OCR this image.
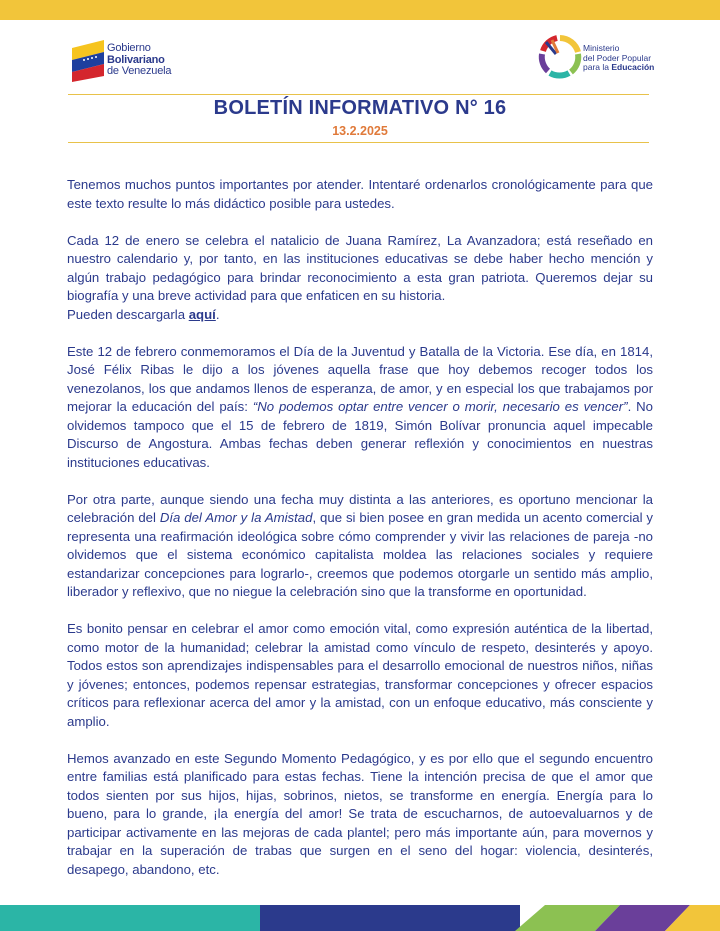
Gobierno
Bolivariano
de Venezuela
Ministerio
del Poder Popular
para la Educación
BOLETÍN INFORMATIVO N° 16
13.2.2025

Tenemos muchos puntos importantes por atender. Intentaré ordenarlos cronológicamente para que este texto resulte lo más didáctico posible para ustedes.

Cada 12 de enero se celebra el natalicio de Juana Ramírez, La Avanzadora; está reseñado en nuestro calendario y, por tanto, en las instituciones educativas se debe haber hecho mención y algún trabajo pedagógico para brindar reconocimiento a esta gran patriota. Queremos dejar su biografía y una breve actividad para que enfaticen en su historia.
Pueden descargarla aquí.

Este 12 de febrero conmemoramos el Día de la Juventud y Batalla de la Victoria. Ese día, en 1814, José Félix Ribas le dijo a los jóvenes aquella frase que hoy debemos recoger todos los venezolanos, los que andamos llenos de esperanza, de amor, y en especial los que trabajamos por mejorar la educación del país: “No podemos optar entre vencer o morir, necesario es vencer”. No olvidemos tampoco que el 15 de febrero de 1819, Simón Bolívar pronuncia aquel impecable Discurso de Angostura. Ambas fechas deben generar reflexión y conocimientos en nuestras instituciones educativas.

Por otra parte, aunque siendo una fecha muy distinta a las anteriores, es oportuno mencionar la celebración del Día del Amor y la Amistad, que si bien posee en gran medida un acento comercial y representa una reafirmación ideológica sobre cómo comprender y vivir las relaciones de pareja -no olvidemos que el sistema económico capitalista moldea las relaciones sociales y requiere estandarizar concepciones para lograrlo-, creemos que podemos otorgarle un sentido más amplio, liberador y reflexivo, que no niegue la celebración sino que la transforme en oportunidad.

Es bonito pensar en celebrar el amor como emoción vital, como expresión auténtica de la libertad, como motor de la humanidad; celebrar la amistad como vínculo de respeto, desinterés y apoyo. Todos estos son aprendizajes indispensables para el desarrollo emocional de nuestros niños, niñas y jóvenes; entonces, podemos repensar estrategias, transformar concepciones y ofrecer espacios críticos para reflexionar acerca del amor y la amistad, con un enfoque educativo, más consciente y amplio.

Hemos avanzado en este Segundo Momento Pedagógico, y es por ello que el segundo encuentro entre familias está planificado para estas fechas. Tiene la intención precisa de que el amor que todos sienten por sus hijos, hijas, sobrinos, nietos, se transforme en energía. Energía para lo bueno, para lo grande, ¡la energía del amor! Se trata de escucharnos, de autoevaluarnos y de participar activamente en las mejoras de cada plantel; pero más importante aún, para movernos y trabajar en la superación de trabas que surgen en el seno del hogar: violencia, desinterés, desapego, abandono, etc.
